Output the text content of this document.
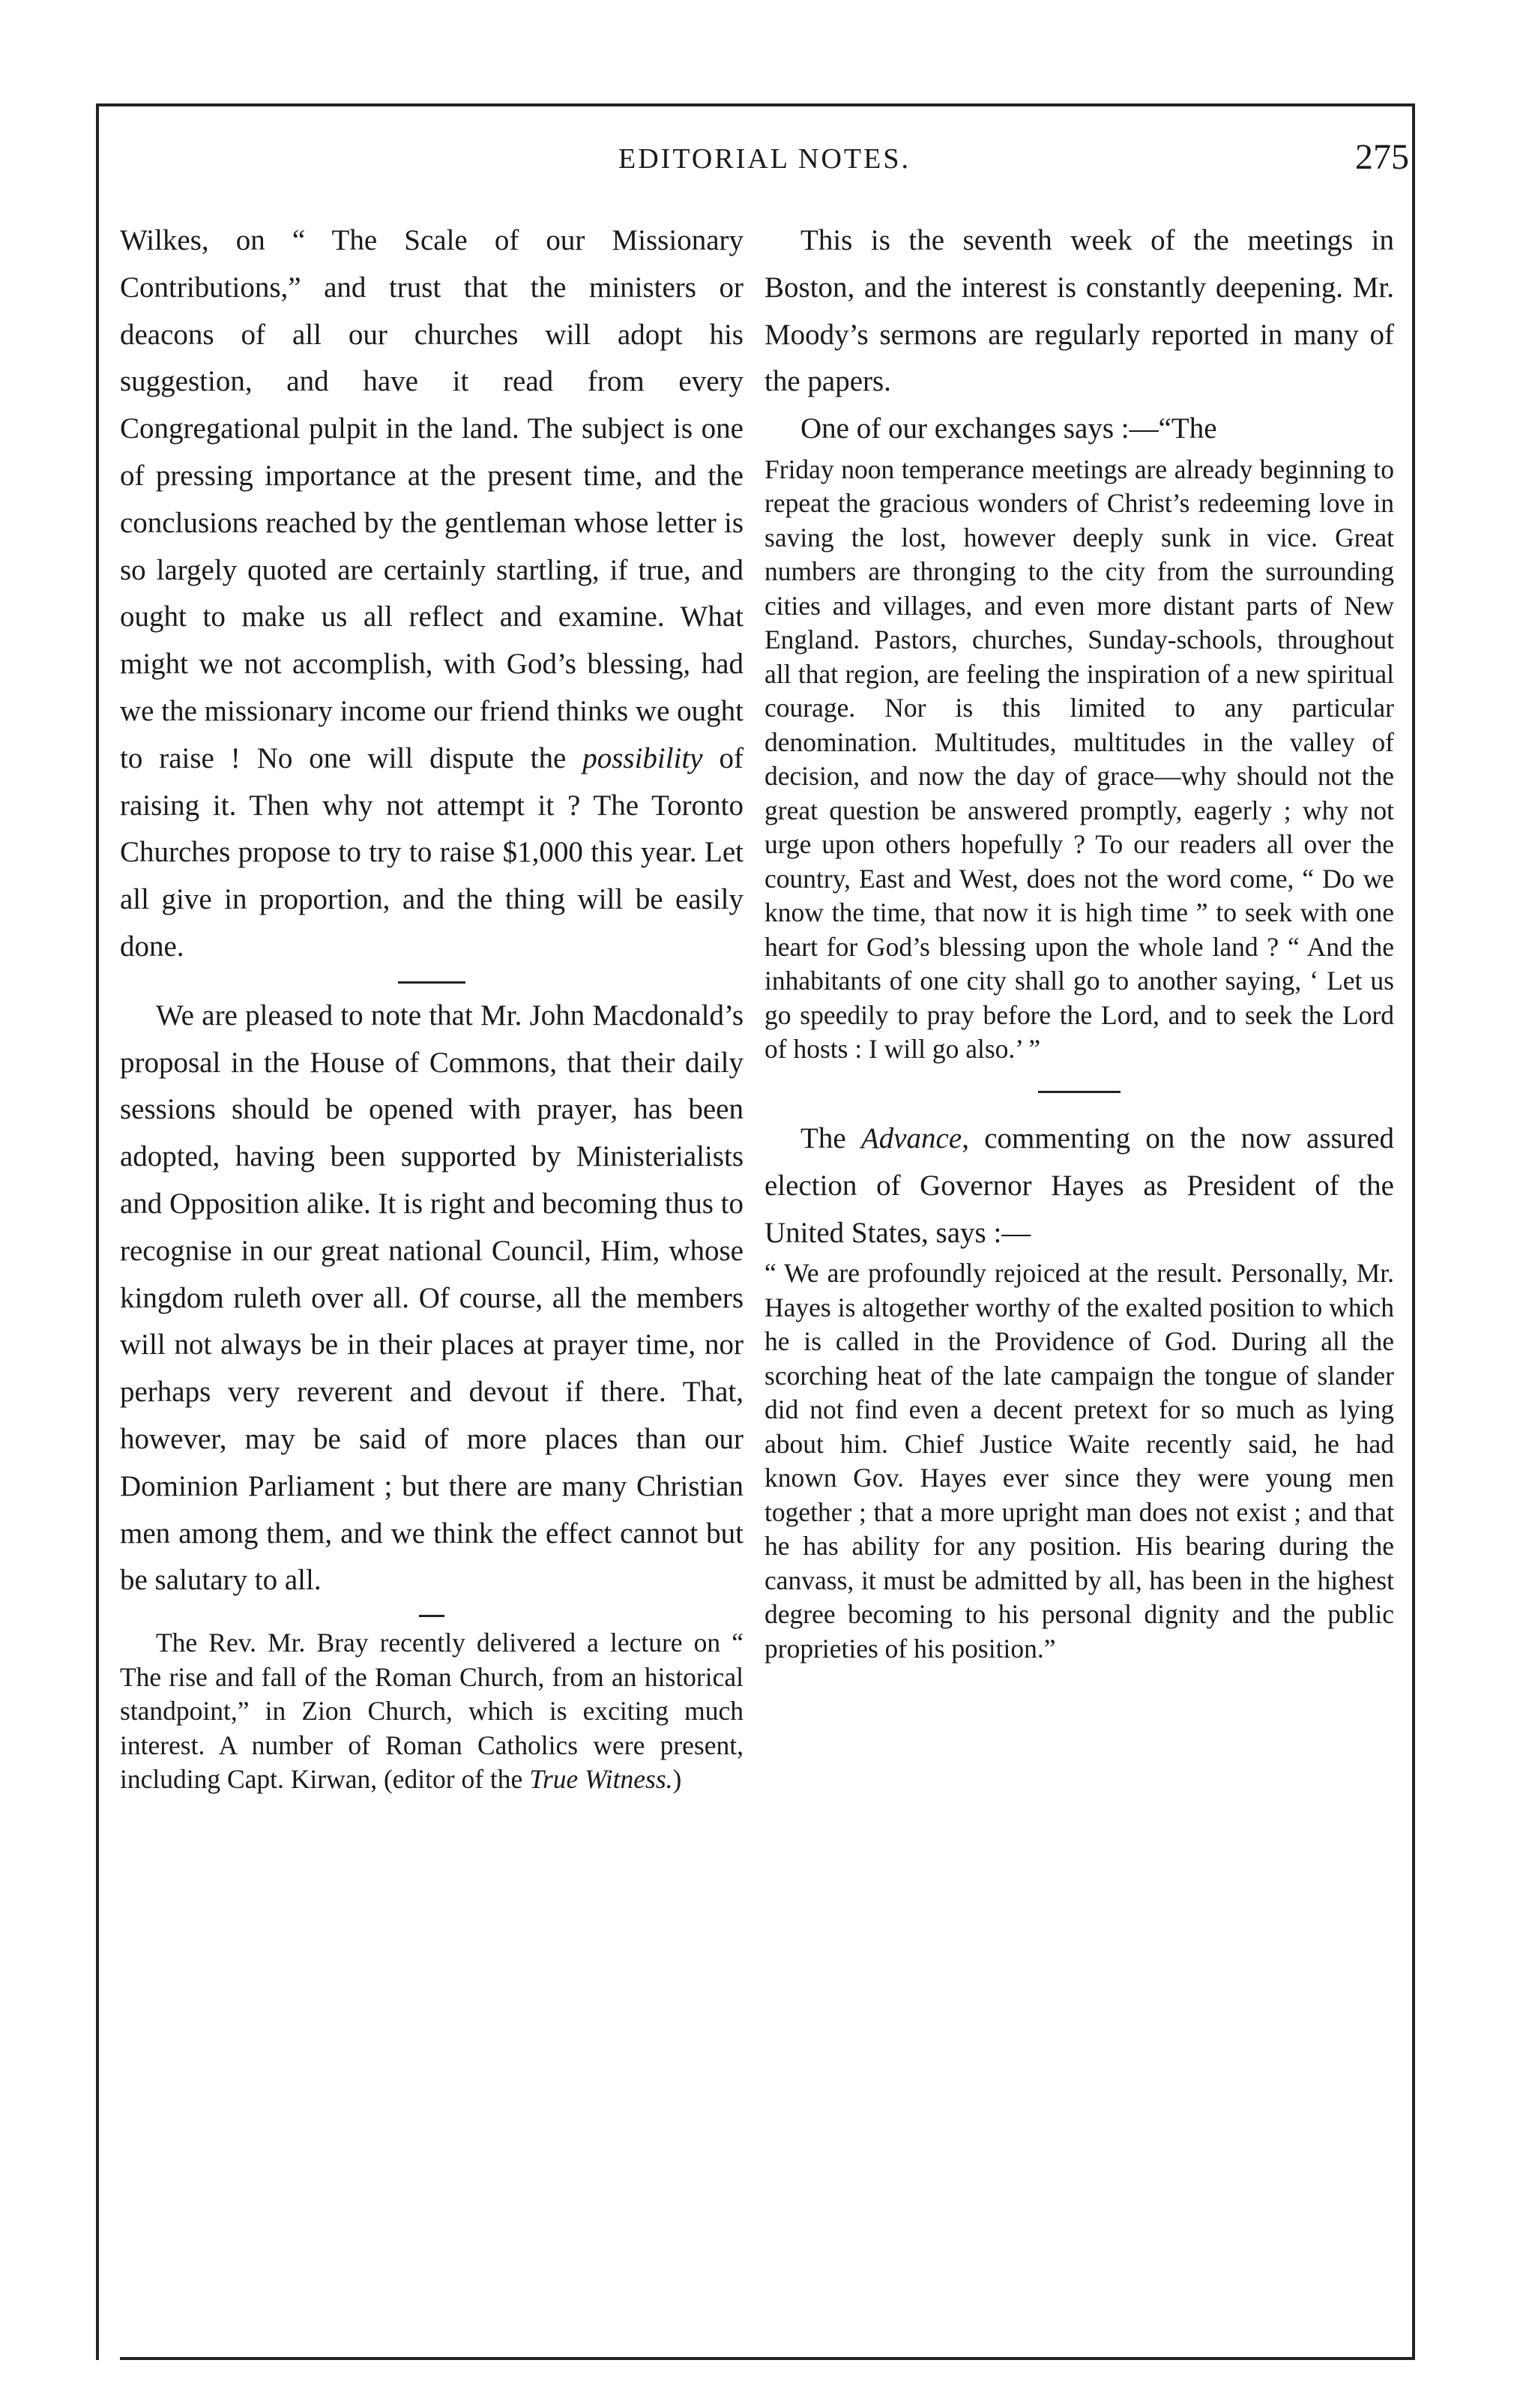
EDITORIAL NOTES.	275

Wilkes, on “ The Scale of our Missionary Contributions,” and trust that the ministers or deacons of all our churches will adopt his suggestion, and have it read from every Congregational pulpit in the land. The subject is one of pressing importance at the present time, and the conclusions reached by the gentleman whose letter is so largely quoted are certainly startling, if true, and ought to make us all reflect and examine. What might we not accomplish, with God’s blessing, had we the missionary income our friend thinks we ought to raise ! No one will dispute the possibility of raising it. Then why not attempt it ? The Toronto Churches propose to try to raise $1,000 this year. Let all give in proportion, and the thing will be easily done.

We are pleased to note that Mr. John Macdonald’s proposal in the House of Commons, that their daily sessions should be opened with prayer, has been adopted, having been supported by Ministerialists and Opposition alike. It is right and becoming thus to recognise in our great national Council, Him, whose kingdom ruleth over all. Of course, all the members will not always be in their places at prayer time, nor perhaps very reverent and devout if there. That, however, may be said of more places than our Dominion Parliament ; but there are many Christian men among them, and we think the effect cannot but be salutary to all.

The Rev. Mr. Bray recently delivered a lecture on “ The rise and fall of the Roman Church, from an historical standpoint,” in Zion Church, which is exciting much interest. A number of Roman Catholics were present, including Capt. Kirwan, (editor of the True Witness.)

This is the seventh week of the meetings in Boston, and the interest is constantly deepening. Mr. Moody’s sermons are regularly reported in many of the papers.

One of our exchanges says :—“The

Friday noon temperance meetings are already beginning to repeat the gracious wonders of Christ’s redeeming love in saving the lost, however deeply sunk in vice. Great numbers are thronging to the city from the surrounding cities and villages, and even more distant parts of New England. Pastors, churches, Sunday-schools, throughout all that region, are feeling the inspiration of a new spiritual courage. Nor is this limited to any particular denomination. Multitudes, multitudes in the valley of decision, and now the day of grace—why should not the great question be answered promptly, eagerly ; why not urge upon others hopefully ? To our readers all over the country, East and West, does not the word come, “ Do we know the time, that now it is high time ” to seek with one heart for God’s blessing upon the whole land ? “ And the inhabitants of one city shall go to another saying, ‘ Let us go speedily to pray before the Lord, and to seek the Lord of hosts : I will go also.’ ”

The Advance, commenting on the now assured election of Governor Hayes as President of the United States, says :—

“ We are profoundly rejoiced at the result. Personally, Mr. Hayes is altogether worthy of the exalted position to which he is called in the Providence of God. During all the scorching heat of the late campaign the tongue of slander did not find even a decent pretext for so much as lying about him. Chief Justice Waite recently said, he had known Gov. Hayes ever since they were young men together ; that a more upright man does not exist ; and that he has ability for any position. His bearing during the canvass, it must be admitted by all, has been in the highest degree becoming to his personal dignity and the public proprieties of his position.”
